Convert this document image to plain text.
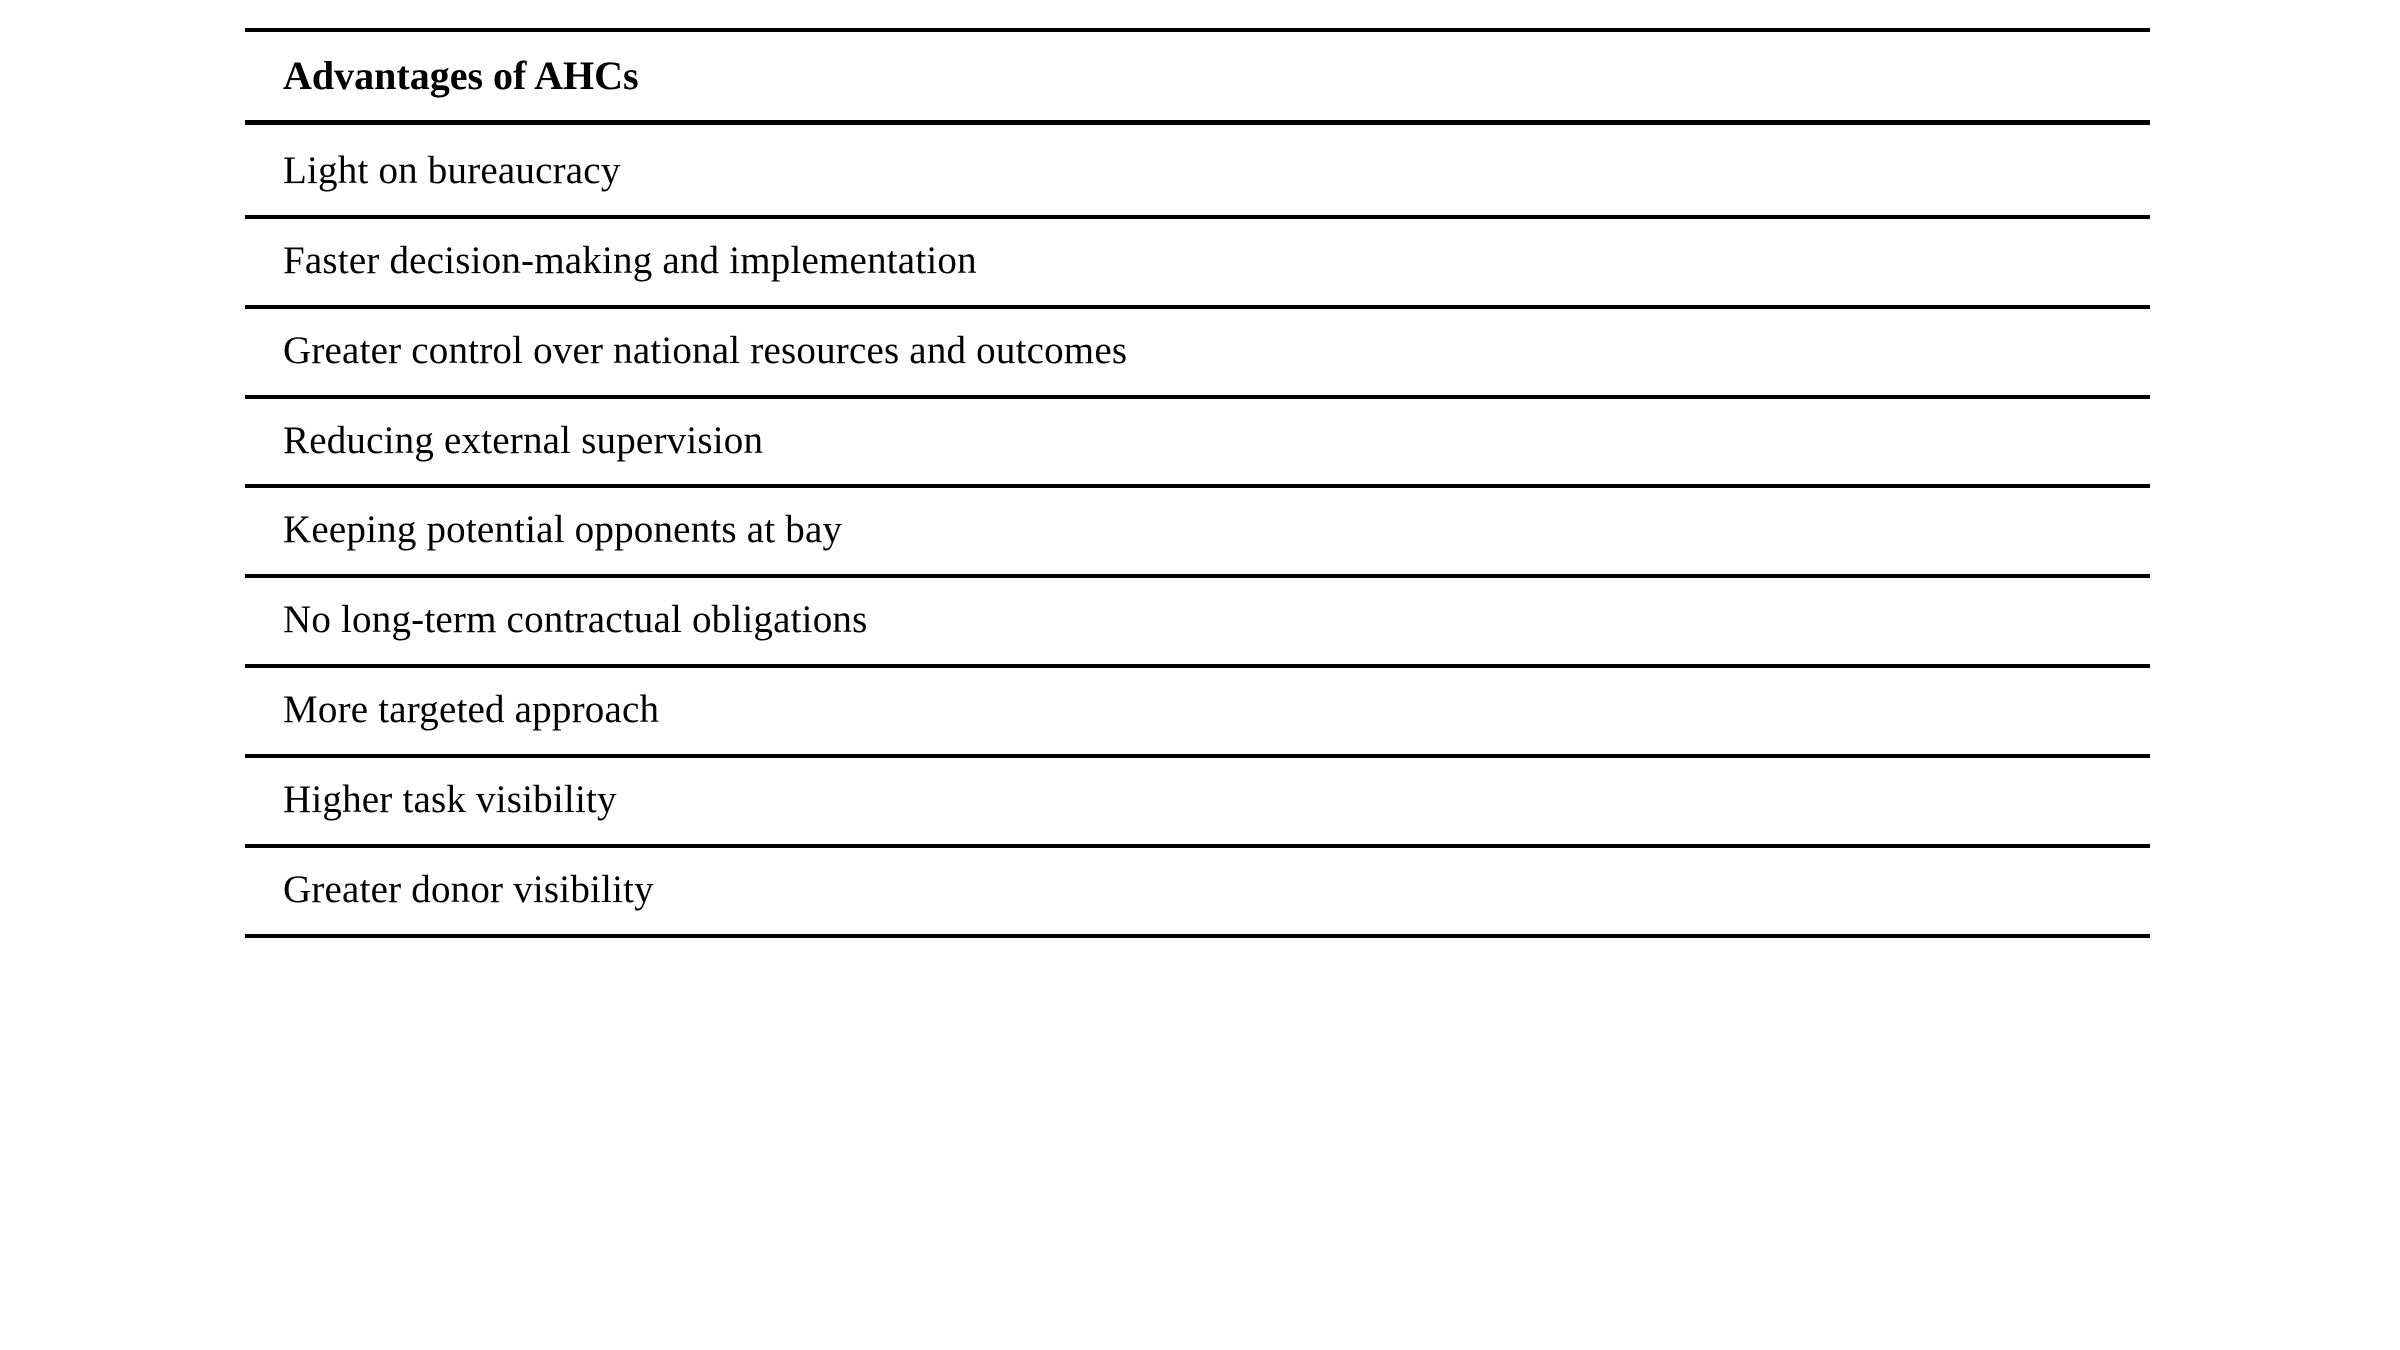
Advantages of AHCs
Light on bureaucracy
Faster decision-making and implementation
Greater control over national resources and outcomes
Reducing external supervision
Keeping potential opponents at bay
No long-term contractual obligations
More targeted approach
Higher task visibility
Greater donor visibility
